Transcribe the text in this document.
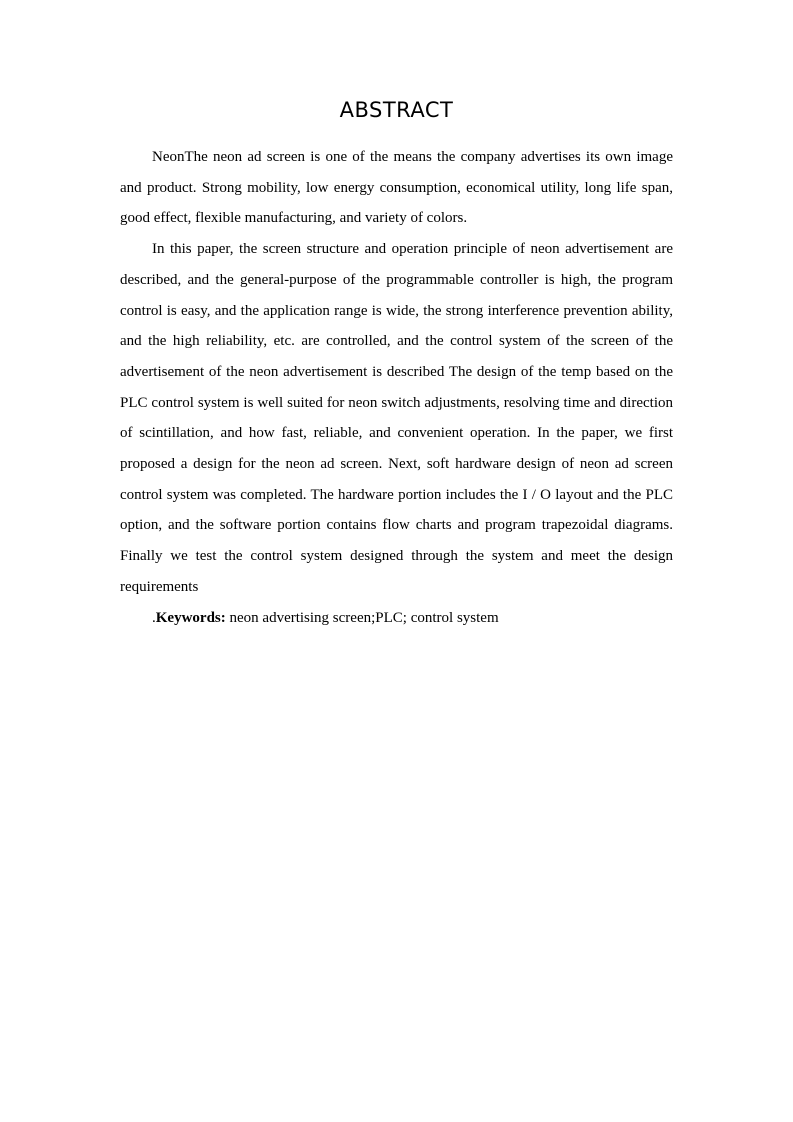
ABSTRACT

NeonThe neon ad screen is one of the means the company advertises its own image and product. Strong mobility, low energy consumption, economical utility, long life span, good effect, flexible manufacturing, and variety of colors.

In this paper, the screen structure and operation principle of neon advertisement are described, and the general-purpose of the programmable controller is high, the program control is easy, and the application range is wide, the strong interference prevention ability, and the high reliability, etc. are controlled, and the control system of the screen of the advertisement of the neon advertisement is described The design of the temp based on the PLC control system is well suited for neon switch adjustments, resolving time and direction of scintillation, and how fast, reliable, and convenient operation. In the paper, we first proposed a design for the neon ad screen. Next, soft hardware design of neon ad screen control system was completed. The hardware portion includes the I / O layout and the PLC option, and the software portion contains flow charts and program trapezoidal diagrams. Finally we test the control system designed through the system and meet the design requirements

.Keywords: neon advertising screen;PLC; control system
